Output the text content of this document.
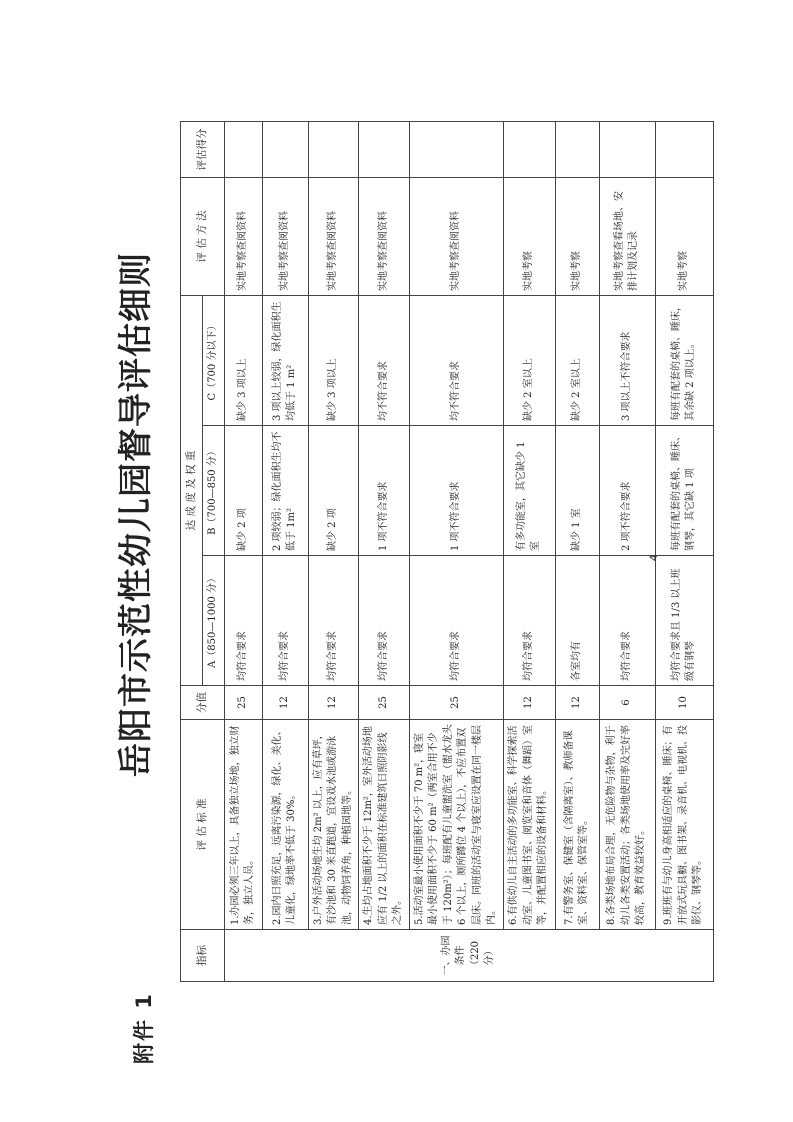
附件 1
岳阳市示范性幼儿园督导评估细则
指标	评 估 标 准	分值	达 成 度 及 权 重			评 估 方 法	评估得分
			A（850—1000 分）	B（700—850 分）	C（700 分以下）		
一、办园条件（220 分）	1.办园必须三年以上，具备独立场地，独立财务，独立人员。	25	均符合要求	缺少 2 项	缺少 3 项以上	实地考察查阅资料	
	2.园内日照充足，远离污染源，绿化、美化、儿童化，绿地率不低于 30%。	12	均符合要求	2 项较弱；绿化面积生均不低于 1m²	3 项以上较弱，绿化面积生均低于 1 m²	实地考察查阅资料	
	3.户外活动场地生均 2m² 以上，应有草坪，有沙池和 30 米直跑道，宜设戏水池或游泳池，动物饲养角，种植园地等。	12	均符合要求	缺少 2 项	缺少 3 项以上	实地考察查阅资料	
	4.生均占地面积不少于 12m²，室外活动场地应有 1/2 以上的面积在标准建筑日照阴影线之外。	25	均符合要求	1 项不符合要求	均不符合要求	实地考察查阅资料	
	5.活动室最小使用面积不少于 70 m²，寝室最小使用面积不少于 60 m²（两室合用不少于 120m²）；每班配有儿童盥洗室（盥水龙头 6 个以上，厕所蹲位 4 个以上），不应布置双层床。同班的活动室与寝室应设置在同一楼层内。	25	均符合要求	1 项不符合要求	均不符合要求	实地考察查阅资料	
	6.有供幼儿自主活动的多功能室、科学探索活动室、儿童图书室、阅览室和音体（舞蹈）室等，并配置相应的设备和材料。	12	均符合要求	有多功能室，其它缺少 1 室	缺少 2 室以上	实地考察	
	7.有警务室、保健室（含隔离室）、教师备课室、资料室、保管室等。	12	各室均有	缺少 1 室	缺少 2 室以上	实地考察	
	8.各类场地布局合理，无危险物与杂物，利于幼儿各类安置活动；各类场地使用率及完好率较高，教育效益较好。	6	均符合要求	2 项不符合要求	3 项以上不符合要求	实地考察查看场地、安排计划及记录	
	9.班班有与幼儿身高相适应的桌椅、睡床；有开放式玩具橱、图书架、录音机、电视机、投影仪、钢琴等。	10	均符合要求且 1/3 以上班级有钢琴	每班有配套的桌椅、睡床、钢琴，其它缺 1 项	每班有配套的桌椅、睡床，其余缺 2 项以上。	实地考察	
4
